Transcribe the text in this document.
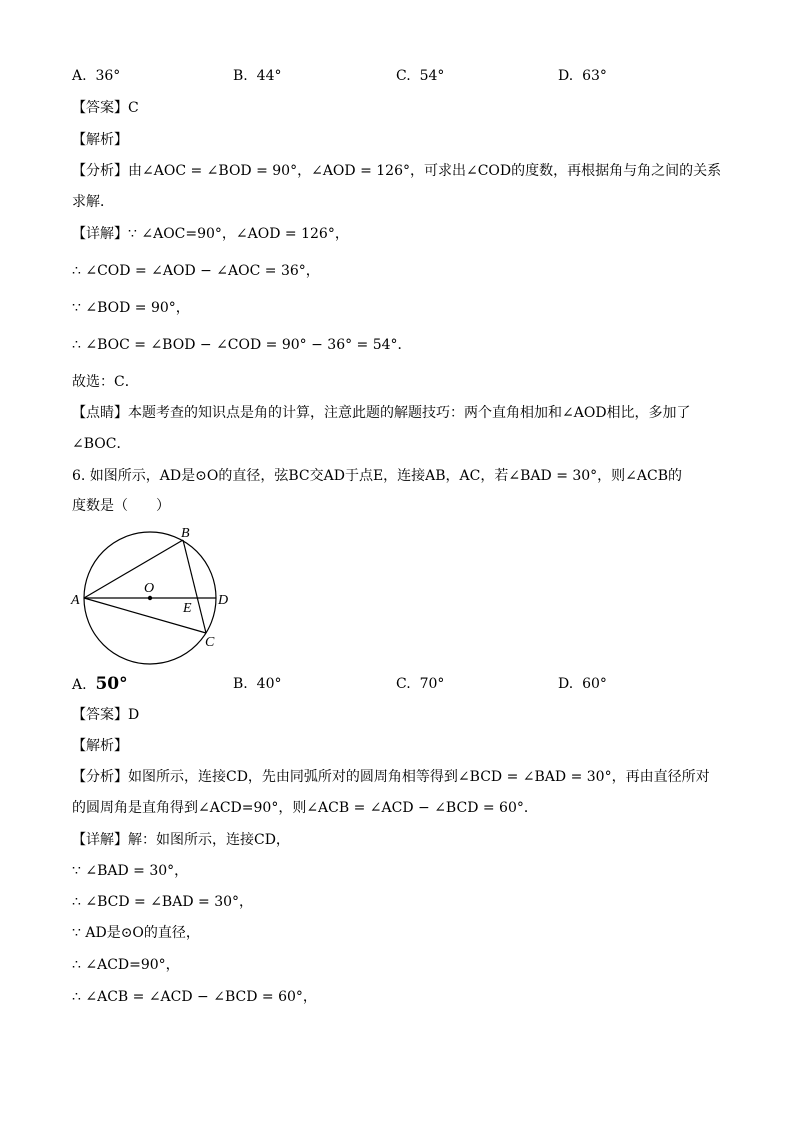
A. 36°	B. 44°	C. 54°	D. 63°
【答案】C
【解析】
【分析】由∠AOC = ∠BOD = 90°，∠AOD = 126°，可求出∠COD的度数，再根据角与角之间的关系
求解．
【详解】∵ ∠AOC=90°，∠AOD = 126°，
∴ ∠COD = ∠AOD − ∠AOC = 36°，
∵ ∠BOD = 90°，
∴ ∠BOC = ∠BOD − ∠COD = 90° − 36° = 54°．
故选：C．
【点睛】本题考查的知识点是角的计算，注意此题的解题技巧：两个直角相加和∠AOD相比，多加了
∠BOC．
6. 如图所示，AD是⊙O的直径，弦BC交AD于点E，连接AB，AC，若∠BAD = 30°，则∠ACB的
度数是（　　）
A
B
C
D
E
O
A. 50°	B. 40°	C. 70°	D. 60°
【答案】D
【解析】
【分析】如图所示，连接CD，先由同弧所对的圆周角相等得到∠BCD = ∠BAD = 30°，再由直径所对
的圆周角是直角得到∠ACD=90°，则∠ACB = ∠ACD − ∠BCD = 60°．
【详解】解：如图所示，连接CD，
∵ ∠BAD = 30°，
∴ ∠BCD = ∠BAD = 30°，
∵ AD是⊙O的直径，
∴ ∠ACD=90°，
∴ ∠ACB = ∠ACD − ∠BCD = 60°，
